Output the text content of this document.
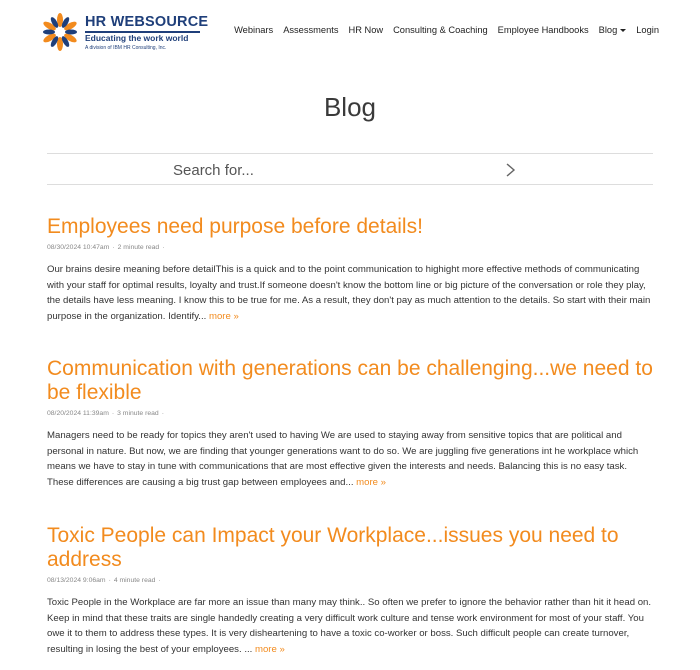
HR WEBSOURCE
Educating the work world
A division of IBM HR Consulting, Inc.
Webinars Assessments HR Now Consulting & Coaching Employee Handbooks Blog Login
Blog
Search for...
Employees need purpose before details!
08/30/2024 10:47am · 2 minute read ·

Our brains desire meaning before detailThis is a quick and to the point communication to highight more effective methods of communicating with your staff for optimal results, loyalty and trust.If someone doesn't know the bottom line or big picture of the conversation or role they play, the details have less meaning. I know this to be true for me. As a result, they don't pay as much attention to the details. So start with their main purpose in the organization. Identify... more »

Communication with generations can be challenging...we need to be flexible
08/20/2024 11:39am · 3 minute read ·

Managers need to be ready for topics they aren't used to having We are used to staying away from sensitive topics that are political and personal in nature. But now, we are finding that younger generations want to do so. We are juggling five generations int he workplace which means we have to stay in tune with communications that are most effective given the interests and needs. Balancing this is no easy task. These differences are causing a big trust gap between employees and... more »

Toxic People can Impact your Workplace...issues you need to address
08/13/2024 9:06am · 4 minute read ·

Toxic People in the Workplace are far more an issue than many may think.. So often we prefer to ignore the behavior rather than hit it head on. Keep in mind that these traits are single handedly creating a very difficult work culture and tense work environment for most of your staff. You owe it to them to address these types. It is very disheartening to have a toxic co-worker or boss. Such difficult people can create turnover, resulting in losing the best of your employees. ... more »
